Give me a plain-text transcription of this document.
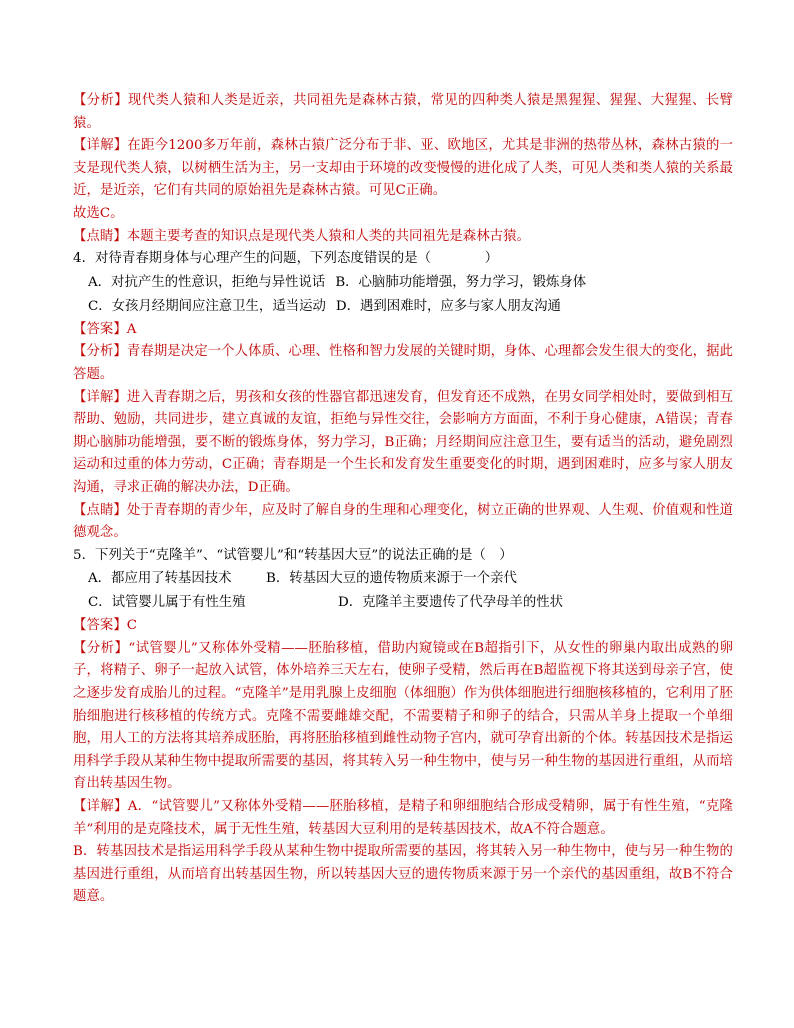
【分析】现代类人猿和人类是近亲，共同祖先是森林古猿，常见的四种类人猿是黑猩猩、猩猩、大猩猩、长臂猿。

【详解】在距今1200多万年前，森林古猿广泛分布于非、亚、欧地区，尤其是非洲的热带丛林，森林古猿的一支是现代类人猿，以树栖生活为主，另一支却由于环境的改变慢慢的进化成了人类，可见人类和类人猿的关系最近，是近亲，它们有共同的原始祖先是森林古猿。可见C正确。

故选C。

【点睛】本题主要考查的知识点是现代类人猿和人类的共同祖先是森林古猿。

4．对待青春期身体与心理产生的问题，下列态度错误的是（　　　　）

A．对抗产生的性意识，拒绝与异性说话 B．心脑肺功能增强，努力学习，锻炼身体
C．女孩月经期间应注意卫生，适当运动 D．遇到困难时，应多与家人朋友沟通

【答案】A

【分析】青春期是决定一个人体质、心理、性格和智力发展的关键时期，身体、心理都会发生很大的变化，据此答题。

【详解】进入青春期之后，男孩和女孩的性器官都迅速发育，但发育还不成熟，在男女同学相处时，要做到相互帮助、勉励，共同进步，建立真诚的友谊，拒绝与异性交往，会影响方方面面，不利于身心健康，A错误；青春期心脑肺功能增强，要不断的锻炼身体，努力学习，B正确；月经期间应注意卫生，要有适当的活动，避免剧烈运动和过重的体力劳动，C正确；青春期是一个生长和发育发生重要变化的时期，遇到困难时，应多与家人朋友沟通，寻求正确的解决办法，D正确。

【点睛】处于青春期的青少年，应及时了解自身的生理和心理变化，树立正确的世界观、人生观、价值观和性道德观念。

5．下列关于“克隆羊”、“试管婴儿”和“转基因大豆”的说法正确的是（　）

A．都应用了转基因技术	B．转基因大豆的遗传物质来源于一个亲代
C．试管婴儿属于有性生殖	D．克隆羊主要遗传了代孕母羊的性状

【答案】C

【分析】“试管婴儿”又称体外受精——胚胎移植，借助内窥镜或在B超指引下，从女性的卵巢内取出成熟的卵子，将精子、卵子一起放入试管，体外培养三天左右，使卵子受精，然后再在B超监视下将其送到母亲子宫，使之逐步发育成胎儿的过程。“克隆羊”是用乳腺上皮细胞（体细胞）作为供体细胞进行细胞核移植的，它利用了胚胎细胞进行核移植的传统方式。克隆不需要雌雄交配，不需要精子和卵子的结合，只需从羊身上提取一个单细胞，用人工的方法将其培养成胚胎，再将胚胎移植到雌性动物子宫内，就可孕育出新的个体。转基因技术是指运用科学手段从某种生物中提取所需要的基因，将其转入另一种生物中，使与另一种生物的基因进行重组，从而培育出转基因生物。

【详解】A．“试管婴儿”又称体外受精——胚胎移植，是精子和卵细胞结合形成受精卵，属于有性生殖，“克隆羊”利用的是克隆技术，属于无性生殖，转基因大豆利用的是转基因技术，故A不符合题意。

B．转基因技术是指运用科学手段从某种生物中提取所需要的基因，将其转入另一种生物中，使与另一种生物的基因进行重组，从而培育出转基因生物，所以转基因大豆的遗传物质来源于另一个亲代的基因重组，故B不符合题意。
